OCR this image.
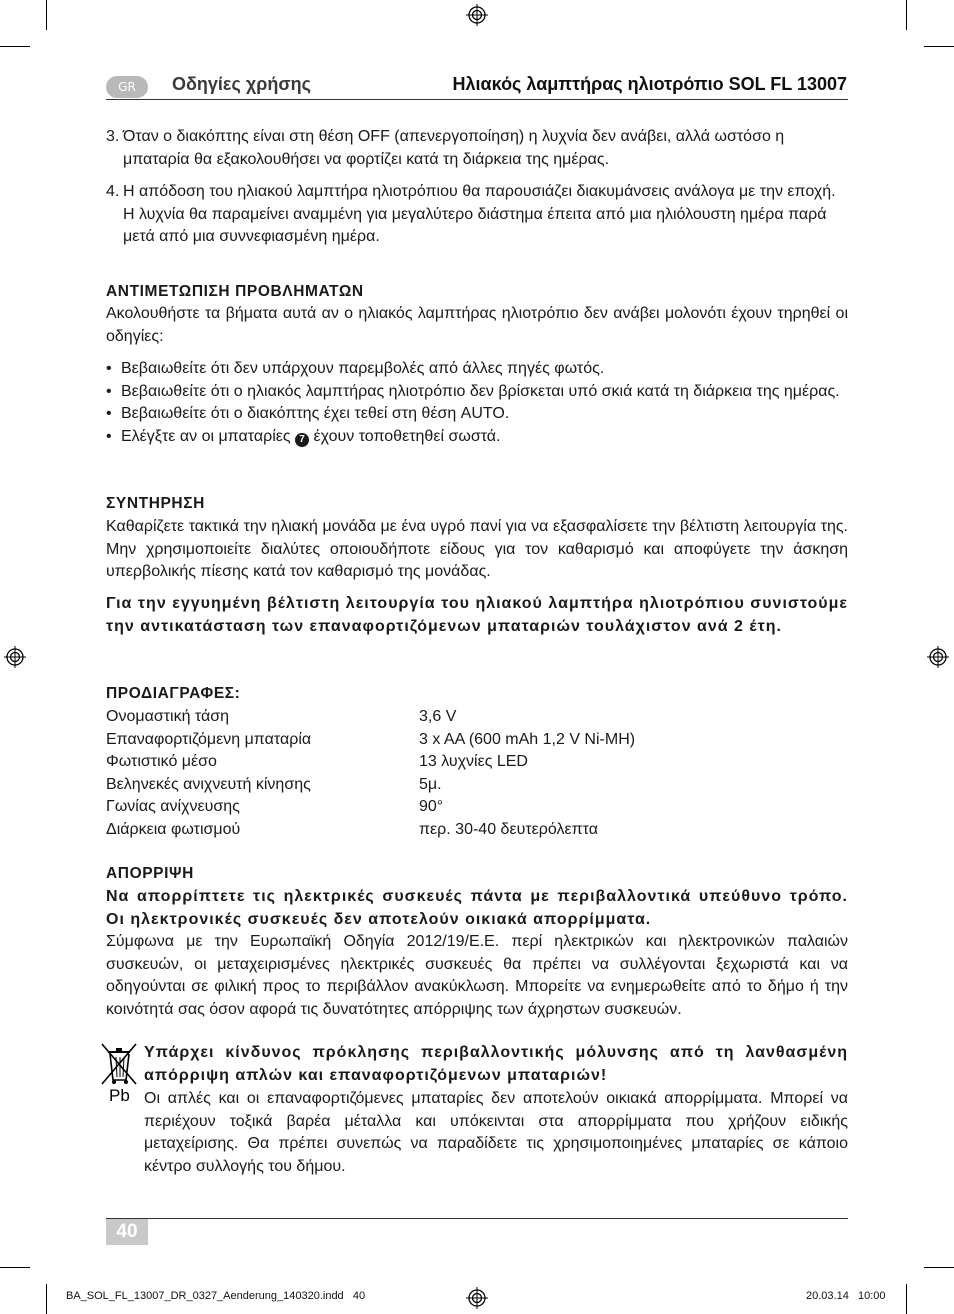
GR	Οδηγίες χρήσης	Ηλιακός λαμπτήρας ηλιοτρόπιο SOL FL 13007
3. Όταν ο διακόπτης είναι στη θέση OFF (απενεργοποίηση) η λυχνία δεν ανάβει, αλλά ωστόσο η μπαταρία θα εξακολουθήσει να φορτίζει κατά τη διάρκεια της ημέρας.
4. Η απόδοση του ηλιακού λαμπτήρα ηλιοτρόπιου θα παρουσιάζει διακυμάνσεις ανάλογα με την εποχή. Η λυχνία θα παραμείνει αναμμένη για μεγαλύτερο διάστημα έπειτα από μια ηλιόλουστη ημέρα παρά μετά από μια συννεφιασμένη ημέρα.
ΑΝΤΙΜΕΤΩΠΙΣΗ ΠΡΟΒΛΗΜΑΤΩΝ
Ακολουθήστε τα βήματα αυτά αν ο ηλιακός λαμπτήρας ηλιοτρόπιο δεν ανάβει μολονότι έχουν τηρηθεί οι οδηγίες:
• Βεβαιωθείτε ότι δεν υπάρχουν παρεμβολές από άλλες πηγές φωτός.
• Βεβαιωθείτε ότι ο ηλιακός λαμπτήρας ηλιοτρόπιο δεν βρίσκεται υπό σκιά κατά τη διάρκεια της ημέρας.
• Βεβαιωθείτε ότι ο διακόπτης έχει τεθεί στη θέση AUTO.
• Ελέγξτε αν οι μπαταρίες 7 έχουν τοποθετηθεί σωστά.
ΣΥΝΤΗΡΗΣΗ
Καθαρίζετε τακτικά την ηλιακή μονάδα με ένα υγρό πανί για να εξασφαλίσετε την βέλτιστη λειτουργία της. Μην χρησιμοποιείτε διαλύτες οποιουδήποτε είδους για τον καθαρισμό και αποφύγετε την άσκηση υπερβολικής πίεσης κατά τον καθαρισμό της μονάδας.
Για την εγγυημένη βέλτιστη λειτουργία του ηλιακού λαμπτήρα ηλιοτρόπιου συνιστούμε την αντικατάσταση των επαναφορτιζόμενων μπαταριών τουλάχιστον ανά 2 έτη.
ΠΡΟΔΙΑΓΡΑΦΕΣ:
Ονομαστική τάση	3,6 V
Επαναφορτιζόμενη μπαταρία	3 x AA (600 mAh 1,2 V Ni-MH)
Φωτιστικό μέσο	13 λυχνίες LED
Βεληνεκές ανιχνευτή κίνησης	5μ.
Γωνίας ανίχνευσης	90°
Διάρκεια φωτισμού	περ. 30-40 δευτερόλεπτα
ΑΠΟΡΡΙΨΗ
Να απορρίπτετε τις ηλεκτρικές συσκευές πάντα με περιβαλλοντικά υπεύθυνο τρόπο. Οι ηλεκτρονικές συσκευές δεν αποτελούν οικιακά απορρίμματα.
Σύμφωνα με την Ευρωπαϊκή Οδηγία 2012/19/Ε.Ε. περί ηλεκτρικών και ηλεκτρονικών παλαιών συσκευών, οι μεταχειρισμένες ηλεκτρικές συσκευές θα πρέπει να συλλέγονται ξεχωριστά και να οδηγούνται σε φιλική προς το περιβάλλον ανακύκλωση. Μπορείτε να ενημερωθείτε από το δήμο ή την κοινότητά σας όσον αφορά τις δυνατότητες απόρριψης των άχρηστων συσκευών.
Pb
Υπάρχει κίνδυνος πρόκλησης περιβαλλοντικής μόλυνσης από τη λανθασμένη απόρριψη απλών και επαναφορτιζόμενων μπαταριών!
Οι απλές και οι επαναφορτιζόμενες μπαταρίες δεν αποτελούν οικιακά απορρίμματα. Μπορεί να περιέχουν τοξικά βαρέα μέταλλα και υπόκεινται στα απορρίμματα που χρήζουν ειδικής μεταχείρισης. Θα πρέπει συνεπώς να παραδίδετε τις χρησιμοποιημένες μπαταρίες σε κάποιο κέντρο συλλογής του δήμου.
40
BA_SOL_FL_13007_DR_0327_Aenderung_140320.indd   40	20.03.14   10:00
